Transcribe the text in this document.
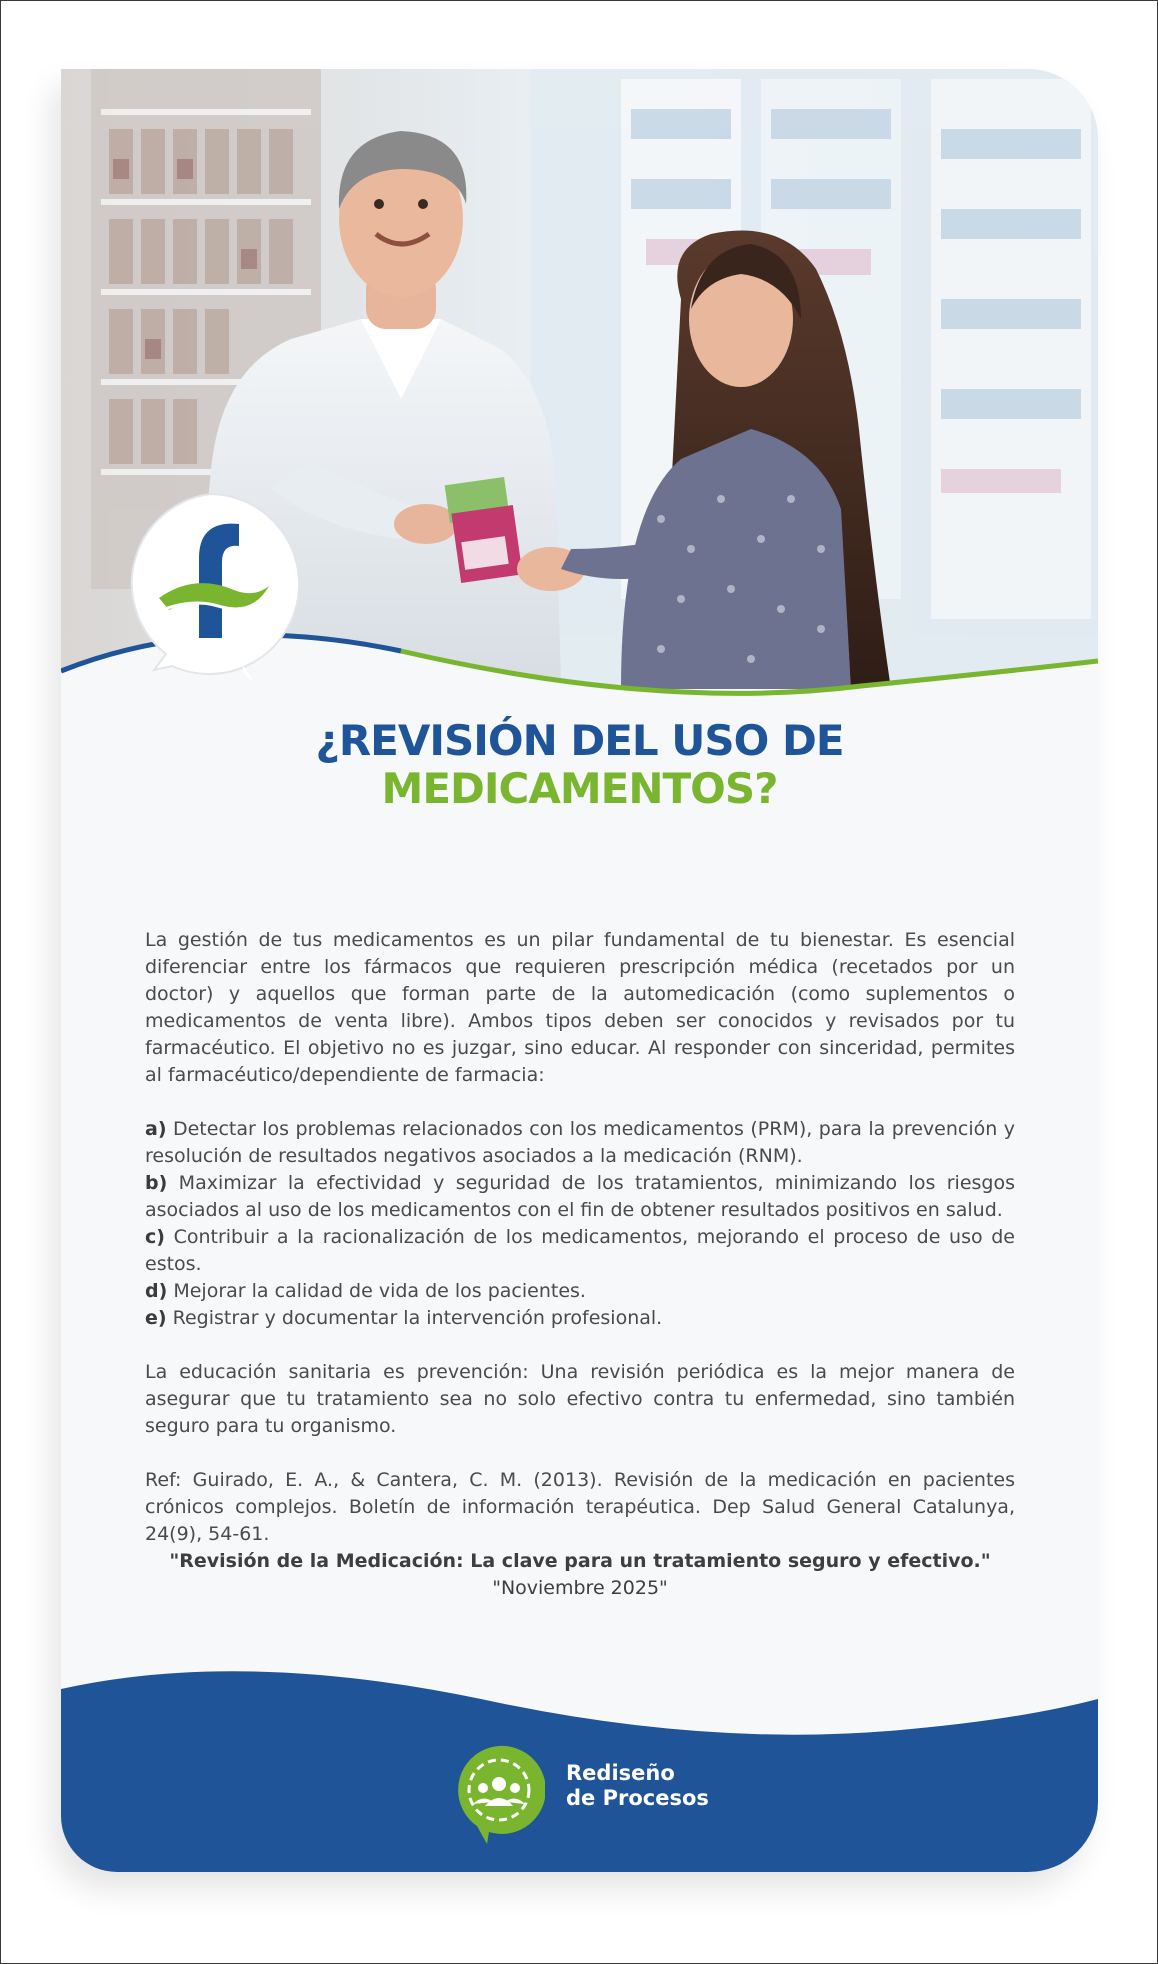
¿REVISIÓN DEL USO DE
MEDICAMENTOS?

La gestión de tus medicamentos es un pilar fundamental de tu bienestar. Es esencial diferenciar entre los fármacos que requieren prescripción médica (recetados por un doctor) y aquellos que forman parte de la automedicación (como suplementos o medicamentos de venta libre). Ambos tipos deben ser conocidos y revisados por tu farmacéutico. El objetivo no es juzgar, sino educar. Al responder con sinceridad, permites al farmacéutico/dependiente de farmacia:

a) Detectar los problemas relacionados con los medicamentos (PRM), para la prevención y resolución de resultados negativos asociados a la medicación (RNM).

b) Maximizar la efectividad y seguridad de los tratamientos, minimizando los riesgos asociados al uso de los medicamentos con el fin de obtener resultados positivos en salud.

c) Contribuir a la racionalización de los medicamentos, mejorando el proceso de uso de estos.

d) Mejorar la calidad de vida de los pacientes.

e) Registrar y documentar la intervención profesional.

La educación sanitaria es prevención: Una revisión periódica es la mejor manera de asegurar que tu tratamiento sea no solo efectivo contra tu enfermedad, sino también seguro para tu organismo.

Ref: Guirado, E. A., & Cantera, C. M. (2013). Revisión de la medicación en pacientes crónicos complejos. Boletín de información terapéutica. Dep Salud General Catalunya, 24(9), 54-61.

"Revisión de la Medicación: La clave para un tratamiento seguro y efectivo."

"Noviembre 2025"

Rediseño
de Procesos
